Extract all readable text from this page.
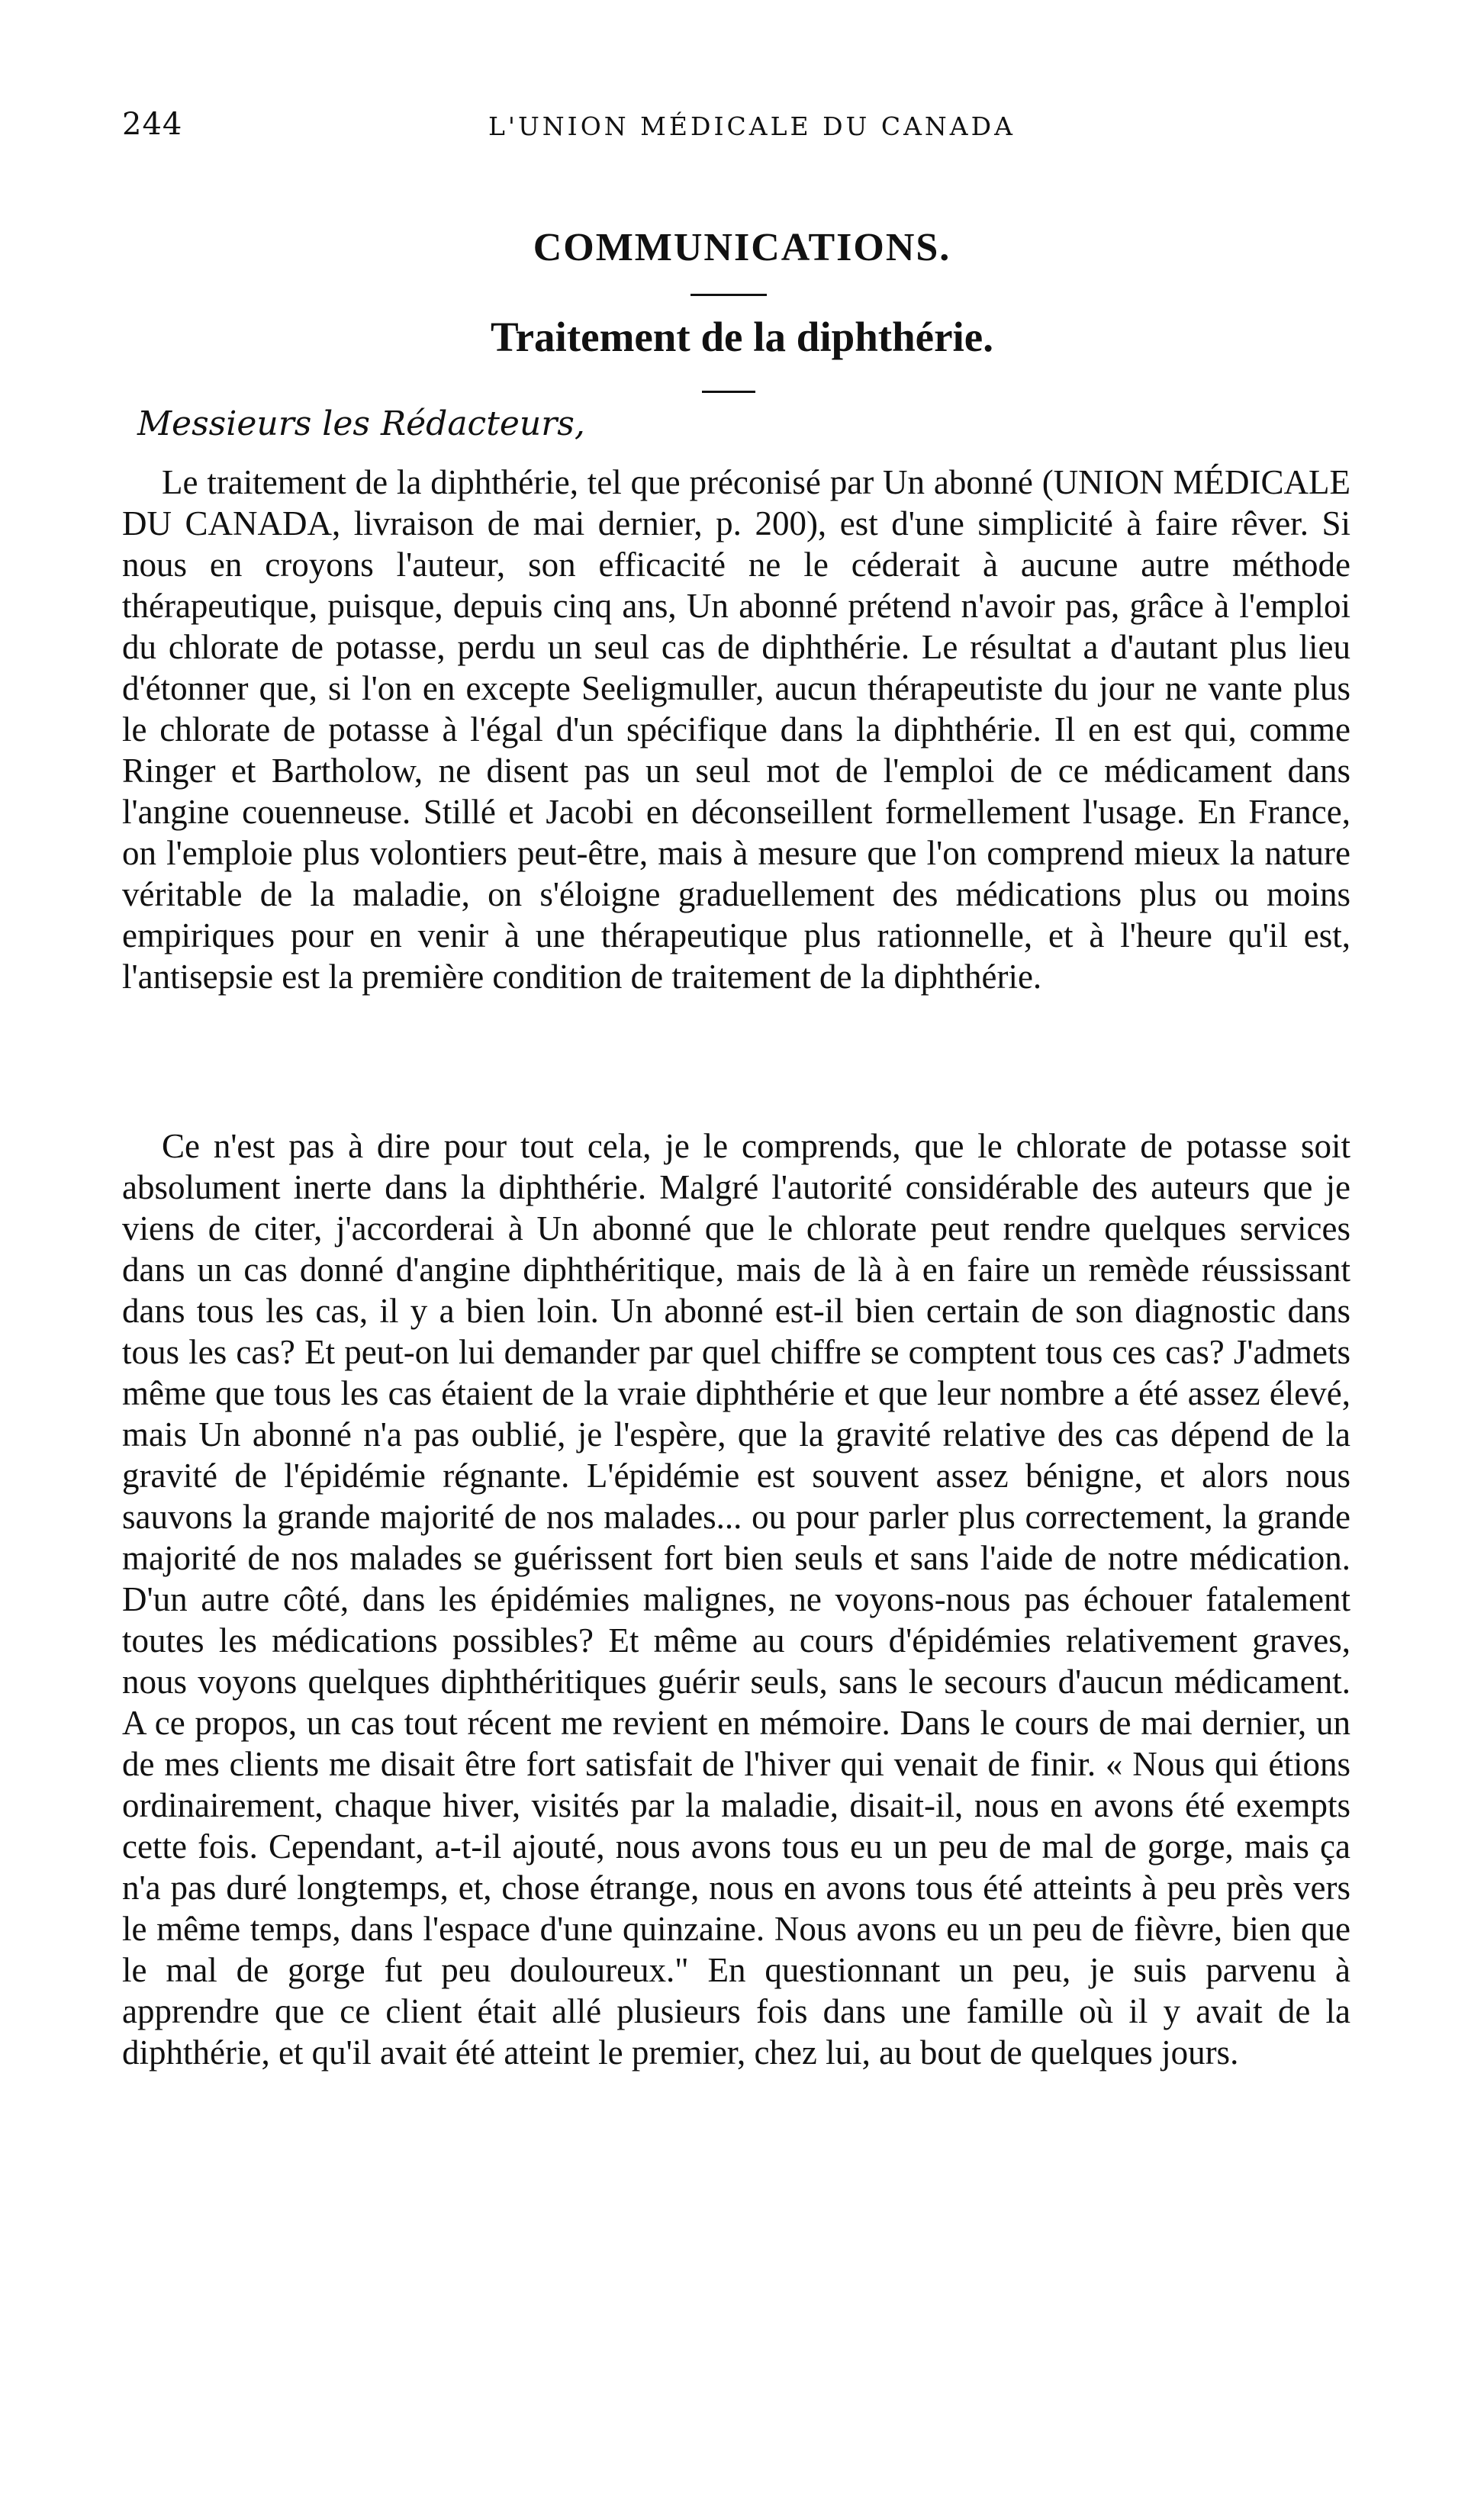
244	L'UNION MÉDICALE DU CANADA
COMMUNICATIONS.
Traitement de la diphthérie.
Messieurs les Rédacteurs,
Le traitement de la diphthérie, tel que préconisé par Un abonné (UNION MÉDICALE DU CANADA, livraison de mai dernier, p. 200), est d'une simplicité à faire rêver. Si nous en croyons l'auteur, son efficacité ne le céderait à aucune autre méthode thérapeutique, puisque, depuis cinq ans, Un abonné prétend n'avoir pas, grâce à l'emploi du chlorate de potasse, perdu un seul cas de diphthérie. Le résultat a d'autant plus lieu d'étonner que, si l'on en excepte Seeligmuller, aucun thérapeutiste du jour ne vante plus le chlorate de potasse à l'égal d'un spécifique dans la diphthérie. Il en est qui, comme Ringer et Bartholow, ne disent pas un seul mot de l'emploi de ce médicament dans l'angine couenneuse. Stillé et Jacobi en déconseillent formellement l'usage. En France, on l'emploie plus volontiers peut-être, mais à mesure que l'on comprend mieux la nature véritable de la maladie, on s'éloigne graduellement des médications plus ou moins empiriques pour en venir à une thérapeutique plus rationnelle, et à l'heure qu'il est, l'antisepsie est la première condition de traitement de la diphthérie.
Ce n'est pas à dire pour tout cela, je le comprends, que le chlorate de potasse soit absolument inerte dans la diphthérie. Malgré l'autorité considérable des auteurs que je viens de citer, j'accorderai à Un abonné que le chlorate peut rendre quelques services dans un cas donné d'angine diphthéritique, mais de là à en faire un remède réussissant dans tous les cas, il y a bien loin. Un abonné est-il bien certain de son diagnostic dans tous les cas? Et peut-on lui demander par quel chiffre se comptent tous ces cas? J'admets même que tous les cas étaient de la vraie diphthérie et que leur nombre a été assez élevé, mais Un abonné n'a pas oublié, je l'espère, que la gravité relative des cas dépend de la gravité de l'épidémie régnante. L'épidémie est souvent assez bénigne, et alors nous sauvons la grande majorité de nos malades... ou pour parler plus correctement, la grande majorité de nos malades se guérissent fort bien seuls et sans l'aide de notre médication. D'un autre côté, dans les épidémies malignes, ne voyons-nous pas échouer fatalement toutes les médications possibles? Et même au cours d'épidémies relativement graves, nous voyons quelques diphthéritiques guérir seuls, sans le secours d'aucun médicament. A ce propos, un cas tout récent me revient en mémoire. Dans le cours de mai dernier, un de mes clients me disait être fort satisfait de l'hiver qui venait de finir. « Nous qui étions ordinairement, chaque hiver, visités par la maladie, disait-il, nous en avons été exempts cette fois. Cependant, a-t-il ajouté, nous avons tous eu un peu de mal de gorge, mais ça n'a pas duré longtemps, et, chose étrange, nous en avons tous été atteints à peu près vers le même temps, dans l'espace d'une quinzaine. Nous avons eu un peu de fièvre, bien que le mal de gorge fut peu douloureux." En questionnant un peu, je suis parvenu à apprendre que ce client était allé plusieurs fois dans une famille où il y avait de la diphthérie, et qu'il avait été atteint le premier, chez lui, au bout de quelques jours.
